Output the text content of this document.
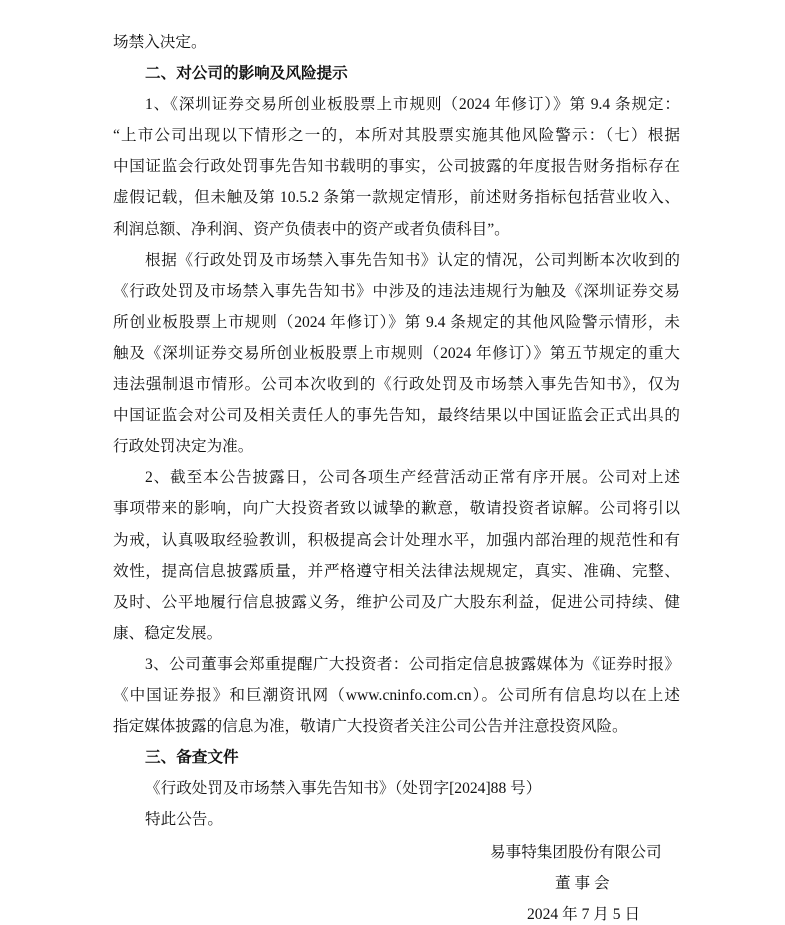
场禁入决定。
二、对公司的影响及风险提示
1、《深圳证券交易所创业板股票上市规则（2024 年修订）》第 9.4 条规定：
“上市公司出现以下情形之一的，本所对其股票实施其他风险警示：（七）根据
中国证监会行政处罚事先告知书载明的事实，公司披露的年度报告财务指标存在
虚假记载，但未触及第 10.5.2 条第一款规定情形，前述财务指标包括营业收入、
利润总额、净利润、资产负债表中的资产或者负债科目”。
根据《行政处罚及市场禁入事先告知书》认定的情况，公司判断本次收到的
《行政处罚及市场禁入事先告知书》中涉及的违法违规行为触及《深圳证券交易
所创业板股票上市规则（2024 年修订）》第 9.4 条规定的其他风险警示情形，未
触及《深圳证券交易所创业板股票上市规则（2024 年修订）》第五节规定的重大
违法强制退市情形。公司本次收到的《行政处罚及市场禁入事先告知书》，仅为
中国证监会对公司及相关责任人的事先告知，最终结果以中国证监会正式出具的
行政处罚决定为准。
2、截至本公告披露日，公司各项生产经营活动正常有序开展。公司对上述
事项带来的影响，向广大投资者致以诚挚的歉意，敬请投资者谅解。公司将引以
为戒，认真吸取经验教训，积极提高会计处理水平，加强内部治理的规范性和有
效性，提高信息披露质量，并严格遵守相关法律法规规定，真实、准确、完整、
及时、公平地履行信息披露义务，维护公司及广大股东利益，促进公司持续、健
康、稳定发展。
3、公司董事会郑重提醒广大投资者：公司指定信息披露媒体为《证券时报》
《中国证券报》和巨潮资讯网（www.cninfo.com.cn）。公司所有信息均以在上述
指定媒体披露的信息为准，敬请广大投资者关注公司公告并注意投资风险。
三、备查文件
《行政处罚及市场禁入事先告知书》（处罚字[2024]88 号）
特此公告。
易事特集团股份有限公司
董 事 会
2024 年 7 月 5 日
